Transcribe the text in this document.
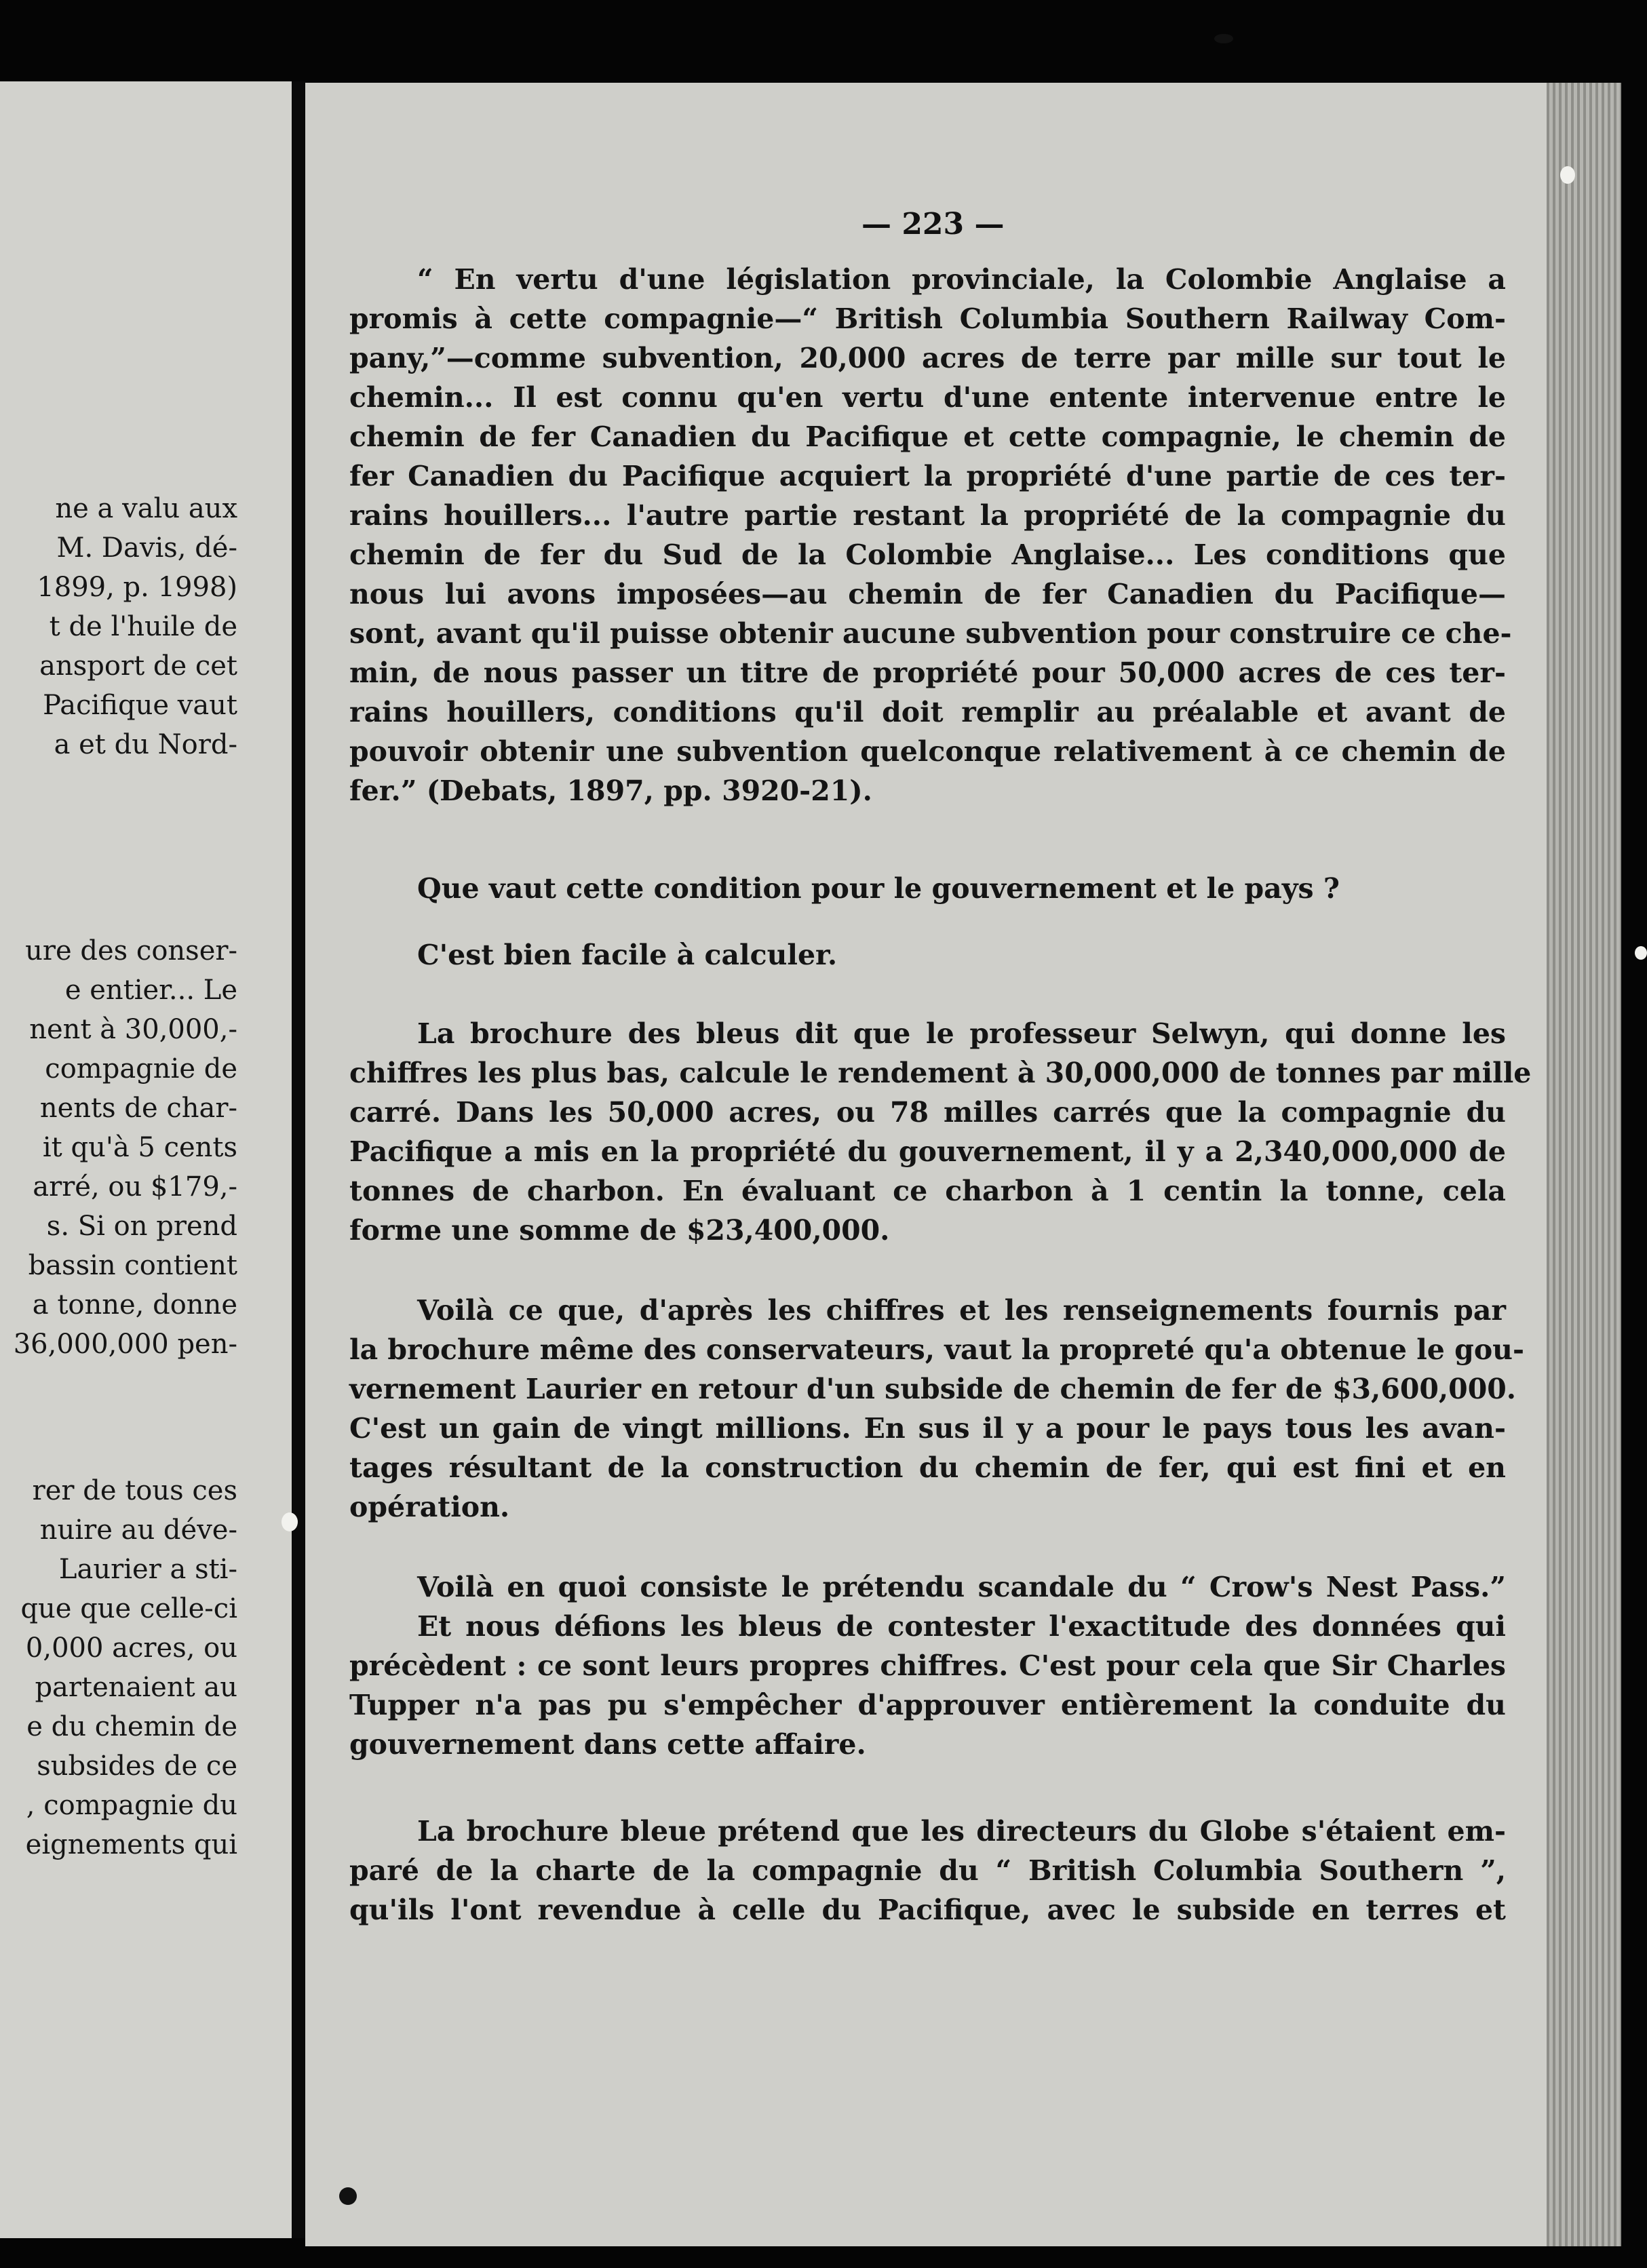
ne a valu aux
M. Davis, dé-
1899, p. 1998)
t de l'huile de
ansport de cet
Pacifique vaut
a et du Nord-
ure des conser-
e entier... Le
nent à 30,000,-
compagnie de
nents de char-
it qu'à 5 cents
arré, ou $179,-
s. Si on prend
bassin contient
a tonne, donne
36,000,000 pen-
rer de tous ces
nuire au déve-
Laurier a sti-
que que celle-ci
0,000 acres, ou
partenaient au
e du chemin de
subsides de ce
, compagnie du
eignements qui
— 223 —
“ En vertu d'une législation provinciale, la Colombie Anglaise a
promis à cette compagnie—“ British Columbia Southern Railway Com-
pany,”—comme subvention, 20,000 acres de terre par mille sur tout le
chemin... Il est connu qu'en vertu d'une entente intervenue entre le
chemin de fer Canadien du Pacifique et cette compagnie, le chemin de
fer Canadien du Pacifique acquiert la propriété d'une partie de ces ter-
rains houillers... l'autre partie restant la propriété de la compagnie du
chemin de fer du Sud de la Colombie Anglaise... Les conditions que
nous lui avons imposées—au chemin de fer Canadien du Pacifique—
sont, avant qu'il puisse obtenir aucune subvention pour construire ce che-
min, de nous passer un titre de propriété pour 50,000 acres de ces ter-
rains houillers, conditions qu'il doit remplir au préalable et avant de
pouvoir obtenir une subvention quelconque relativement à ce chemin de
fer.” (Debats, 1897, pp. 3920-21).
Que vaut cette condition pour le gouvernement et le pays ?
C'est bien facile à calculer.
La brochure des bleus dit que le professeur Selwyn, qui donne les
chiffres les plus bas, calcule le rendement à 30,000,000 de tonnes par mille
carré. Dans les 50,000 acres, ou 78 milles carrés que la compagnie du
Pacifique a mis en la propriété du gouvernement, il y a 2,340,000,000 de
tonnes de charbon. En évaluant ce charbon à 1 centin la tonne, cela
forme une somme de $23,400,000.
Voilà ce que, d'après les chiffres et les renseignements fournis par
la brochure même des conservateurs, vaut la propreté qu'a obtenue le gou-
vernement Laurier en retour d'un subside de chemin de fer de $3,600,000.
C'est un gain de vingt millions. En sus il y a pour le pays tous les avan-
tages résultant de la construction du chemin de fer, qui est fini et en
opération.
Voilà en quoi consiste le prétendu scandale du “ Crow's Nest Pass.”
Et nous défions les bleus de contester l'exactitude des données qui
précèdent : ce sont leurs propres chiffres. C'est pour cela que Sir Charles
Tupper n'a pas pu s'empêcher d'approuver entièrement la conduite du
gouvernement dans cette affaire.
La brochure bleue prétend que les directeurs du Globe s'étaient em-
paré de la charte de la compagnie du “ British Columbia Southern ”,
qu'ils l'ont revendue à celle du Pacifique, avec le subside en terres et
